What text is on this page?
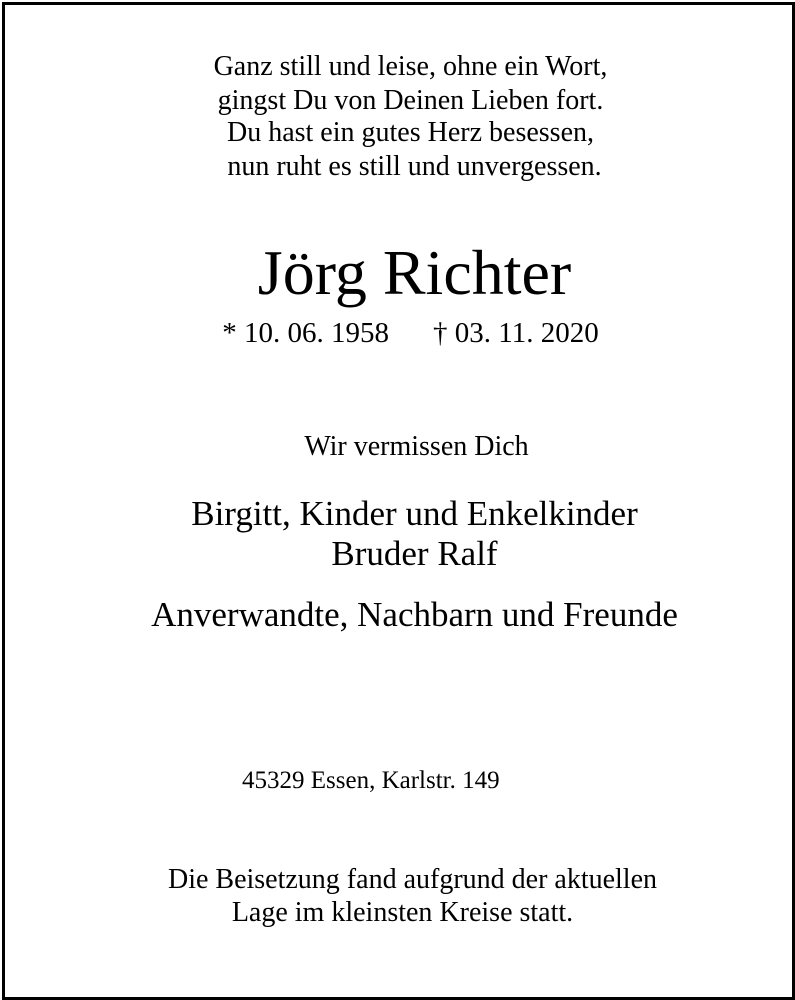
Ganz still und leise, ohne ein Wort,
gingst Du von Deinen Lieben fort.
Du hast ein gutes Herz besessen,
nun ruht es still und unvergessen.
Jörg Richter
* 10. 06. 1958 † 03. 11. 2020
Wir vermissen Dich
Birgitt, Kinder und Enkelkinder
Bruder Ralf
Anverwandte, Nachbarn und Freunde
45329 Essen, Karlstr. 149
Die Beisetzung fand aufgrund der aktuellen
Lage im kleinsten Kreise statt.
